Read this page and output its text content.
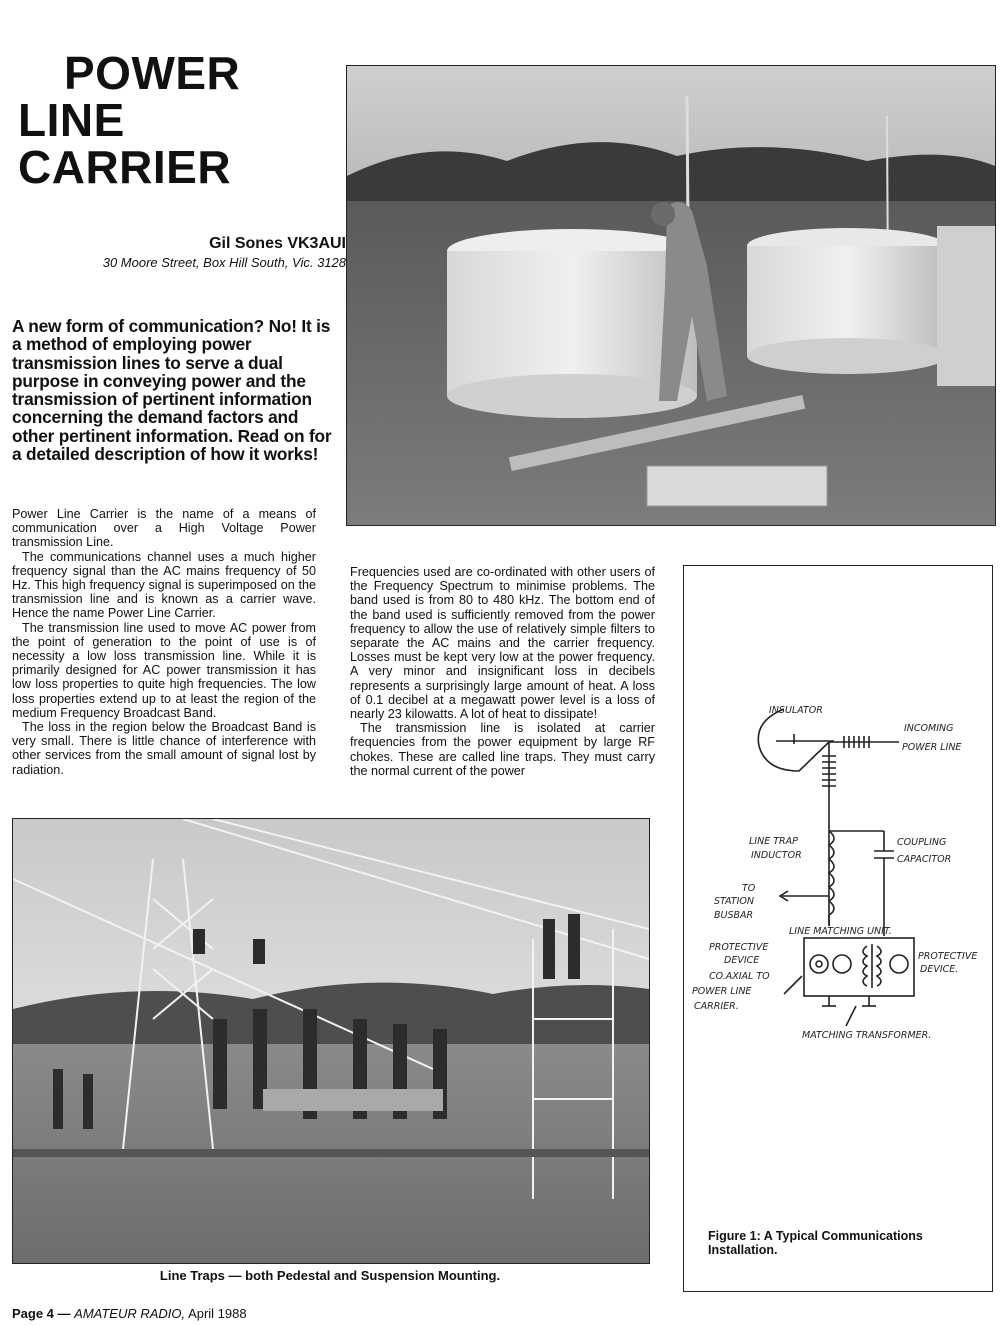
POWER
LINE
CARRIER
Gil Sones VK3AUI
30 Moore Street, Box Hill South, Vic. 3128
A new form of communication? No! It is a method of employing power transmission lines to serve a dual purpose in conveying power and the transmission of pertinent information concerning the demand factors and other pertinent information. Read on for a detailed description of how it works!

Power Line Carrier is the name of a means of communication over a High Voltage Power transmission Line.

The communications channel uses a much higher frequency signal than the AC mains frequency of 50 Hz. This high frequency signal is superimposed on the transmission line and is known as a carrier wave. Hence the name Power Line Carrier.

The transmission line used to move AC power from the point of generation to the point of use is of necessity a low loss transmission line. While it is primarily designed for AC power transmission it has low loss properties to quite high frequencies. The low loss properties extend up to at least the region of the medium Frequency Broadcast Band.

The loss in the region below the Broadcast Band is very small. There is little chance of interference with other services from the small amount of signal lost by radiation.

Frequencies used are co-ordinated with other users of the Frequency Spectrum to minimise problems. The band used is from 80 to 480 kHz. The bottom end of the band used is sufficiently removed from the power frequency to allow the use of relatively simple filters to separate the AC mains and the carrier frequency. Losses must be kept very low at the power frequency. A very minor and insignificant loss in decibels represents a surprisingly large amount of heat. A loss of 0.1 decibel at a megawatt power level is a loss of nearly 23 kilowatts. A lot of heat to dissipate!

The transmission line is isolated at carrier frequencies from the power equipment by large RF chokes. These are called line traps. They must carry the normal current of the power

Line Traps — both Pedestal and Suspension Mounting.
INSULATOR
INCOMING
POWER LINE
LINE TRAP
INDUCTOR
COUPLING
CAPACITOR
TO
STATION
BUSBAR
LINE MATCHING UNIT.
PROTECTIVE
DEVICE
CO.AXIAL TO
POWER LINE
CARRIER.
PROTECTIVE
DEVICE.
MATCHING TRANSFORMER.
Figure 1: A Typical Communications Installation.
Page 4 — AMATEUR RADIO, April 1988
